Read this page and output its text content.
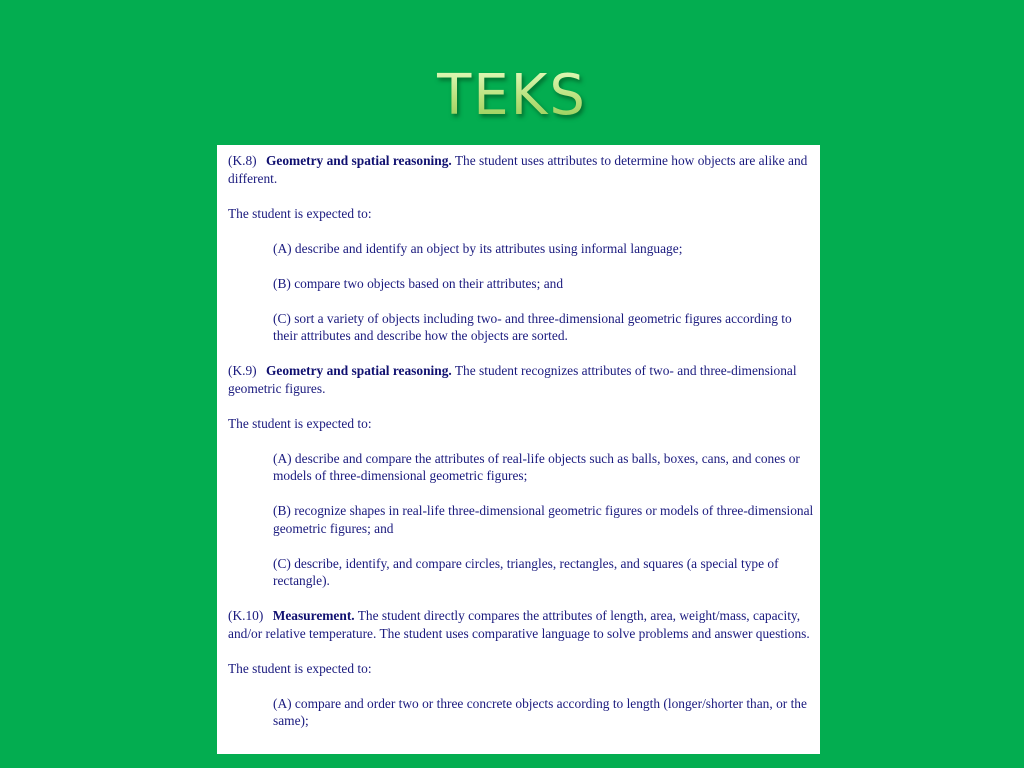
TEKS

(K.8) Geometry and spatial reasoning. The student uses attributes to determine how objects are alike and different.

The student is expected to:

(A) describe and identify an object by its attributes using informal language;

(B) compare two objects based on their attributes; and

(C) sort a variety of objects including two- and three-dimensional geometric figures according to their attributes and describe how the objects are sorted.

(K.9) Geometry and spatial reasoning. The student recognizes attributes of two- and three-dimensional geometric figures.

The student is expected to:

(A) describe and compare the attributes of real-life objects such as balls, boxes, cans, and cones or models of three-dimensional geometric figures;

(B) recognize shapes in real-life three-dimensional geometric figures or models of three-dimensional geometric figures; and

(C) describe, identify, and compare circles, triangles, rectangles, and squares (a special type of rectangle).

(K.10) Measurement. The student directly compares the attributes of length, area, weight/mass, capacity, and/or relative temperature. The student uses comparative language to solve problems and answer questions.

The student is expected to:

(A) compare and order two or three concrete objects according to length (longer/shorter than, or the same);
